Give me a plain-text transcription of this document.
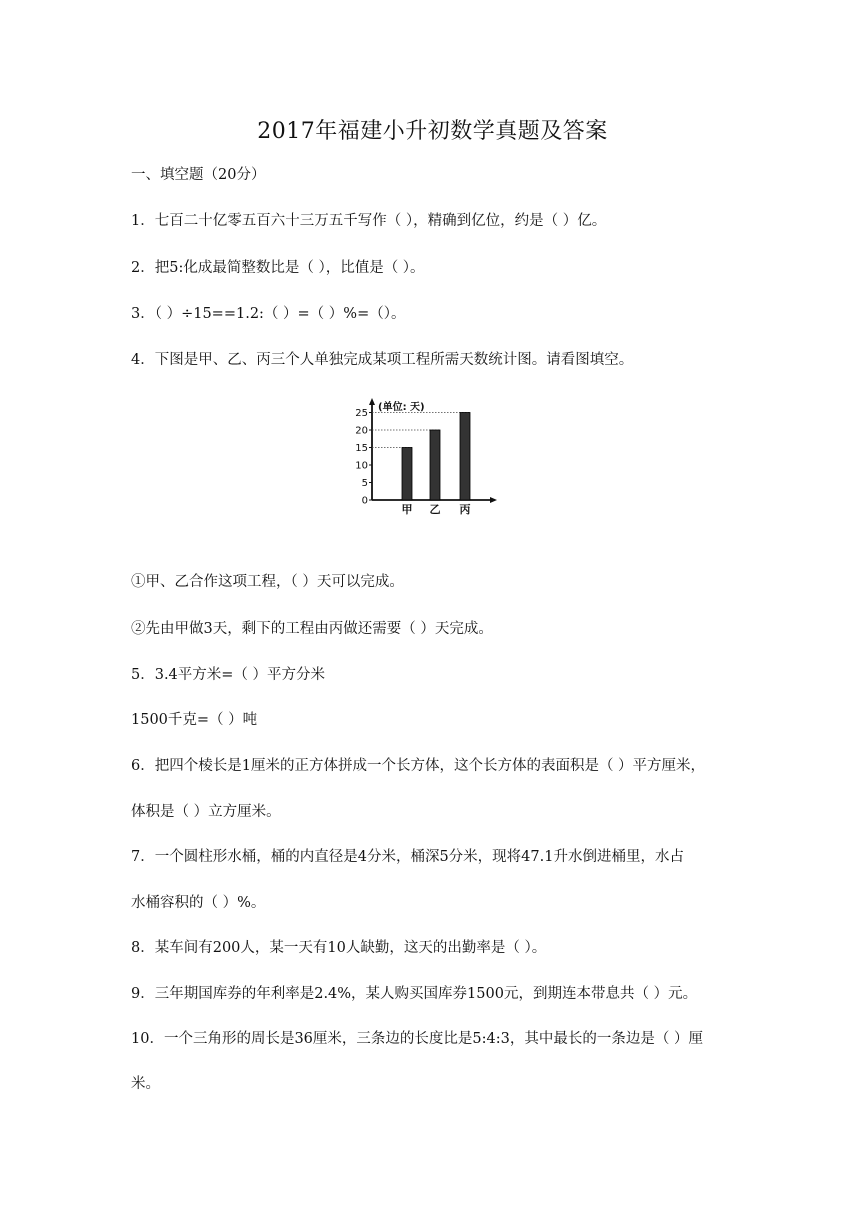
2017年福建小升初数学真题及答案
一、填空题（20分）
1．七百二十亿零五百六十三万五千写作（ ），精确到亿位，约是（ ）亿。
2．把5:化成最简整数比是（ ），比值是（ ）。
3．（ ）÷15==1.2:（ ）=（ ）%=（）。
4．下图是甲、乙、丙三个人单独完成某项工程所需天数统计图。请看图填空。
(单位: 天)
0
5
10
15
20
25
甲 乙 丙
①甲、乙合作这项工程，（ ）天可以完成。
②先由甲做3天，剩下的工程由丙做还需要（ ）天完成。
5．3.4平方米=（ ）平方分米
1500千克=（ ）吨
6．把四个棱长是1厘米的正方体拼成一个长方体，这个长方体的表面积是（ ）平方厘米，
体积是（ ）立方厘米。
7．一个圆柱形水桶，桶的内直径是4分米，桶深5分米，现将47.1升水倒进桶里，水占
水桶容积的（ ）%。
8．某车间有200人，某一天有10人缺勤，这天的出勤率是（ ）。
9．三年期国库券的年利率是2.4%，某人购买国库券1500元，到期连本带息共（ ）元。
10．一个三角形的周长是36厘米，三条边的长度比是5:4:3，其中最长的一条边是（ ）厘
米。
